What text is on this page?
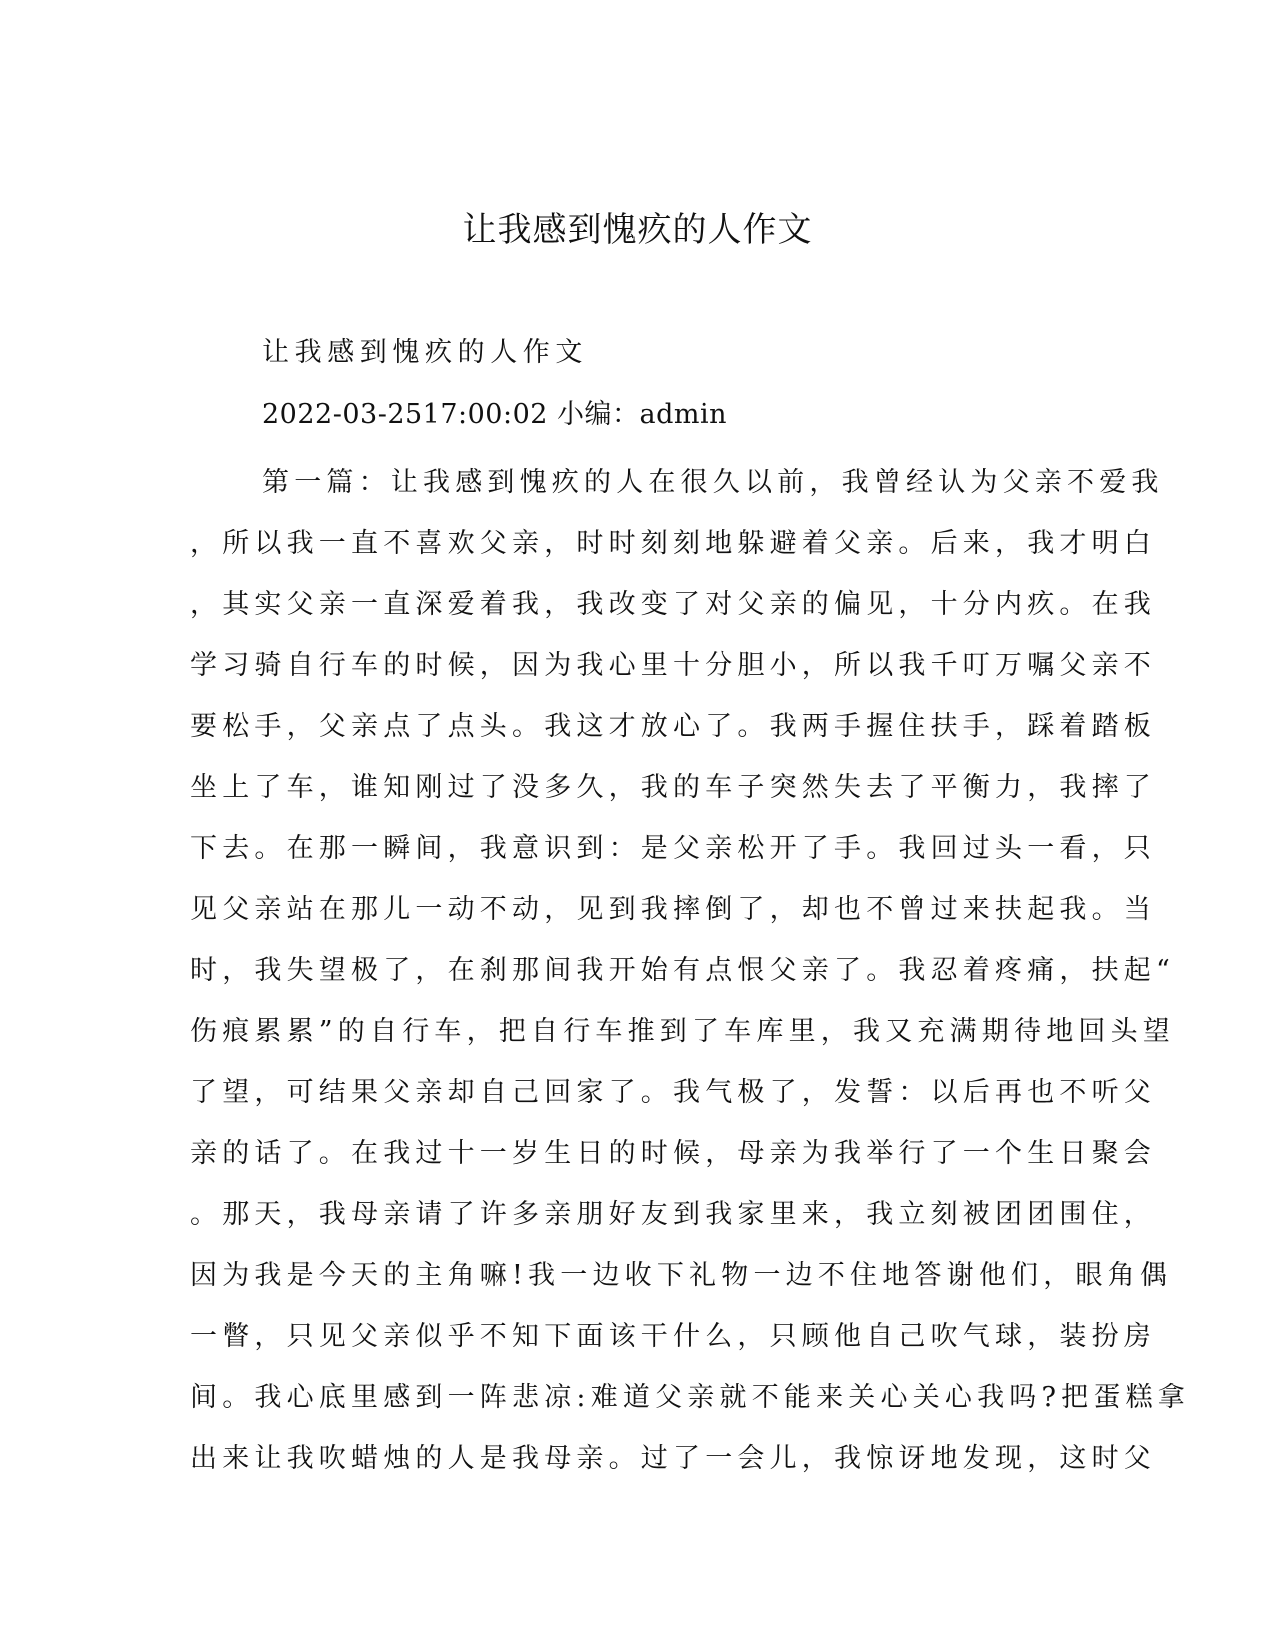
让我感到愧疚的人作文

让我感到愧疚的人作文

2022-03-2517:00:02 小编：admin

第一篇：让我感到愧疚的人在很久以前，我曾经认为父亲不爱我
，所以我一直不喜欢父亲，时时刻刻地躲避着父亲。后来，我才明白
，其实父亲一直深爱着我，我改变了对父亲的偏见，十分内疚。在我
学习骑自行车的时候，因为我心里十分胆小，所以我千叮万嘱父亲不
要松手，父亲点了点头。我这才放心了。我两手握住扶手，踩着踏板
坐上了车，谁知刚过了没多久，我的车子突然失去了平衡力，我摔了
下去。在那一瞬间，我意识到：是父亲松开了手。我回过头一看，只
见父亲站在那儿一动不动，见到我摔倒了，却也不曾过来扶起我。当
时，我失望极了，在刹那间我开始有点恨父亲了。我忍着疼痛，扶起“
伤痕累累”的自行车，把自行车推到了车库里，我又充满期待地回头望
了望，可结果父亲却自己回家了。我气极了，发誓：以后再也不听父
亲的话了。在我过十一岁生日的时候，母亲为我举行了一个生日聚会
。那天，我母亲请了许多亲朋好友到我家里来，我立刻被团团围住，
因为我是今天的主角嘛!我一边收下礼物一边不住地答谢他们，眼角偶
一瞥，只见父亲似乎不知下面该干什么，只顾他自己吹气球，装扮房
间。我心底里感到一阵悲凉:难道父亲就不能来关心关心我吗?把蛋糕拿
出来让我吹蜡烛的人是我母亲。过了一会儿，我惊讶地发现，这时父
